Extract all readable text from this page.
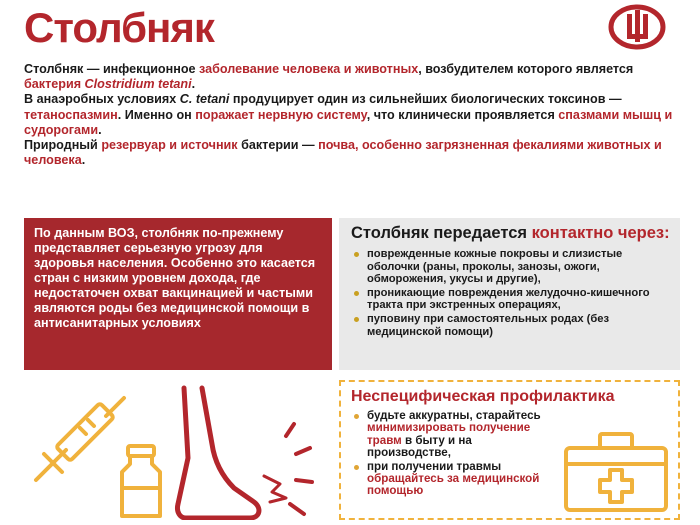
Столбняк

Столбняк — инфекционное заболевание человека и животных, возбудителем которого является бактерия Clostridium tetani.

В анаэробных условиях C. tetani продуцирует один из сильнейших биологических токсинов — тетаноспазмин. Именно он поражает нервную систему, что клинически проявляется спазмами мышц и судорогами.

Природный резервуар и источник бактерии — почва, особенно загрязненная фекалиями животных и человека.

По данным ВОЗ, столбняк по-прежнему представляет серьезную угрозу для здоровья населения. Особенно это касается стран с низким уровнем дохода, где недостаточен охват вакцинацией и частыми являются роды без медицинской помощи в антисанитарных условиях
Столбняк передается контактно через:
поврежденные кожные покровы и слизистые оболочки (раны, проколы, занозы, ожоги, обморожения, укусы и другие),
проникающие повреждения желудочно-кишечного тракта при экстренных операциях,
пуповину при самостоятельных родах (без медицинской помощи)
Неспецифическая профилактика
будьте аккуратны, старайтесь минимизировать получение травм в быту и на производстве,
при получении травмы обращайтесь за медицинской помощью
